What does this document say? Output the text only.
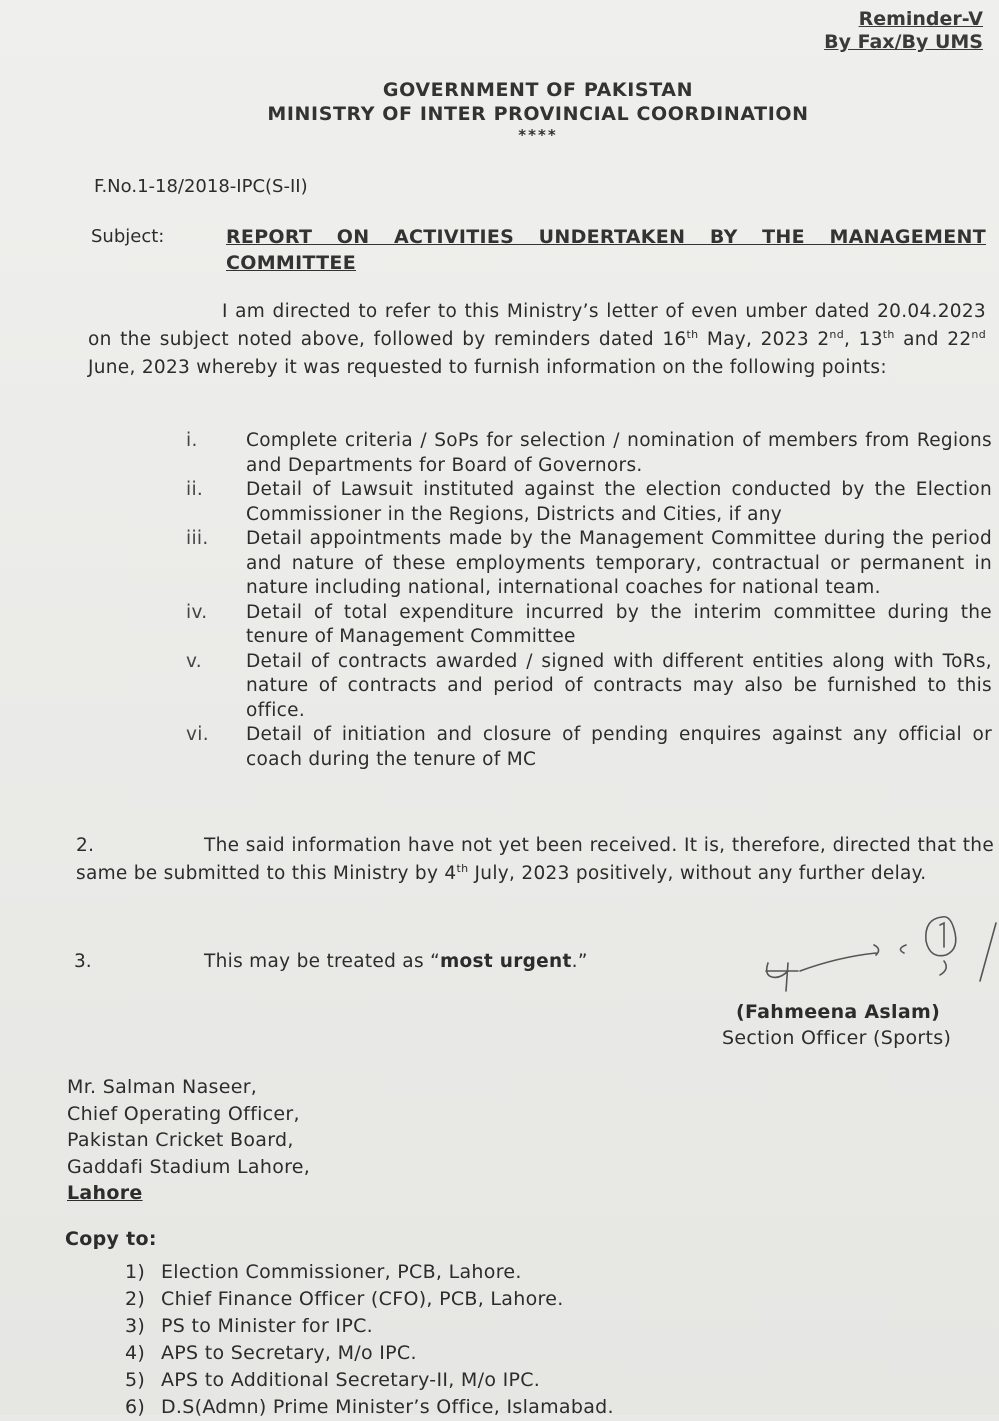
Reminder-V
By Fax/By UMS
GOVERNMENT OF PAKISTAN
MINISTRY OF INTER PROVINCIAL COORDINATION
****
F.No.1-18/2018-IPC(S-II)
Subject:	REPORT ON ACTIVITIES UNDERTAKEN BY THE MANAGEMENT COMMITTEE
I am directed to refer to this Ministry’s letter of even umber dated 20.04.2023 on the subject noted above, followed by reminders dated 16th May, 2023 2nd, 13th and 22nd June, 2023 whereby it was requested to furnish information on the following points:
i.	Complete criteria / SoPs for selection / nomination of members from Regions and Departments for Board of Governors.
ii.	Detail of Lawsuit instituted against the election conducted by the Election Commissioner in the Regions, Districts and Cities, if any
iii.	Detail appointments made by the Management Committee during the period and nature of these employments temporary, contractual or permanent in nature including national, international coaches for national team.
iv.	Detail of total expenditure incurred by the interim committee during the tenure of Management Committee
v.	Detail of contracts awarded / signed with different entities along with ToRs, nature of contracts and period of contracts may also be furnished to this office.
vi.	Detail of initiation and closure of pending enquires against any official or coach during the tenure of MC
2.	The said information have not yet been received. It is, therefore, directed that the same be submitted to this Ministry by 4th July, 2023 positively, without any further delay.
3.	This may be treated as “most urgent.”
(Fahmeena Aslam)
Section Officer (Sports)
Mr. Salman Naseer,
Chief Operating Officer,
Pakistan Cricket Board,
Gaddafi Stadium Lahore,
Lahore
Copy to:
1) Election Commissioner, PCB, Lahore.
2) Chief Finance Officer (CFO), PCB, Lahore.
3) PS to Minister for IPC.
4) APS to Secretary, M/o IPC.
5) APS to Additional Secretary-II, M/o IPC.
6) D.S(Admn) Prime Minister’s Office, Islamabad.
